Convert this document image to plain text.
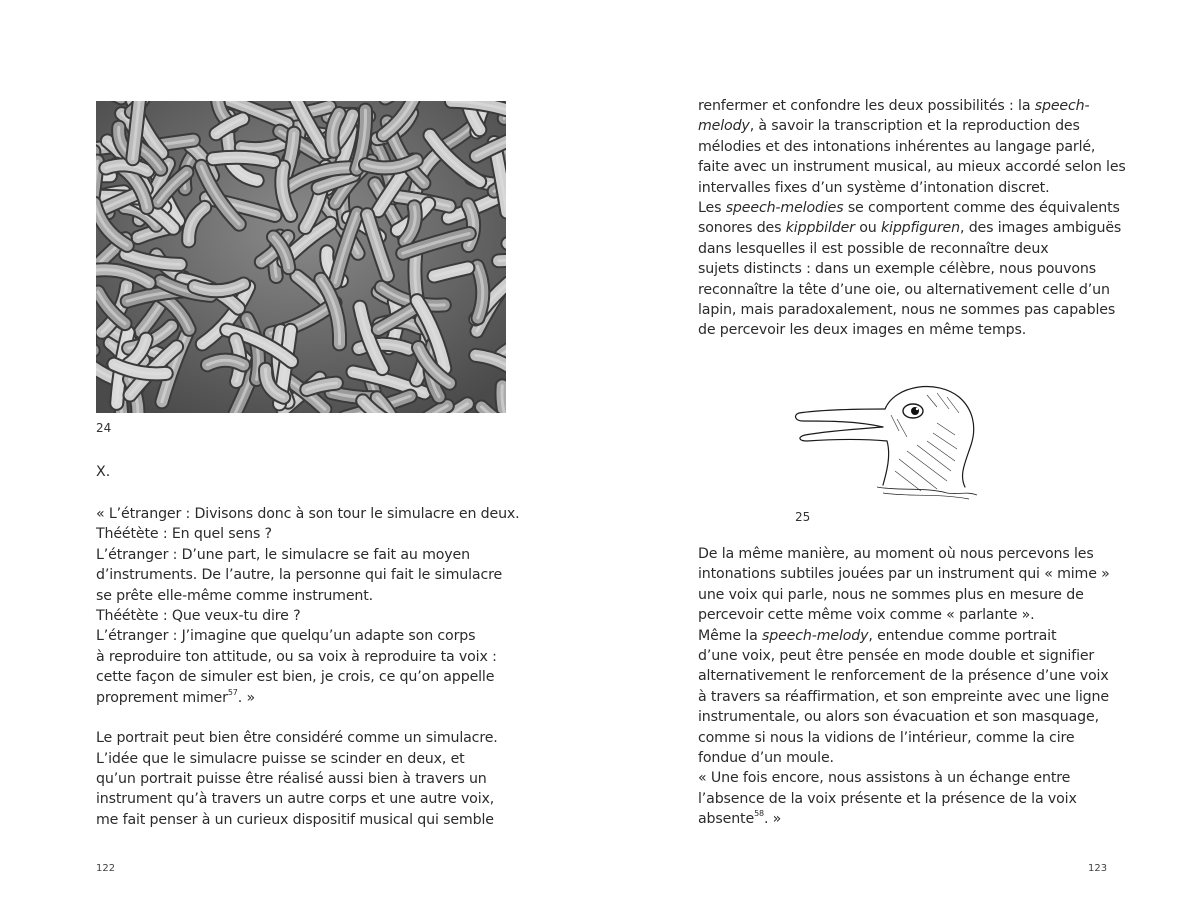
24
X.
« L’étranger : Divisons donc à son tour le simulacre en deux.
Théétète : En quel sens ?
L’étranger : D’une part, le simulacre se fait au moyen
d’instruments. De l’autre, la personne qui fait le simulacre
se prête elle-même comme instrument.
Théétète : Que veux-tu dire ?
L’étranger : J’imagine que quelqu’un adapte son corps
à reproduire ton attitude, ou sa voix à reproduire ta voix :
cette façon de simuler est bien, je crois, ce qu’on appelle
proprement mimer$^{57}$. »
Le portrait peut bien être considéré comme un simulacre.
L’idée que le simulacre puisse se scinder en deux, et
qu’un portrait puisse être réalisé aussi bien à travers un
instrument qu’à travers un autre corps et une autre voix,
me fait penser à un curieux dispositif musical qui semble
122
renfermer et confondre les deux possibilités : la speech-
melody, à savoir la transcription et la reproduction des
mélodies et des intonations inhérentes au langage parlé,
faite avec un instrument musical, au mieux accordé selon les
intervalles fixes d’un système d’intonation discret.
Les speech-melodies se comportent comme des équivalents
sonores des kippbilder ou kippfiguren, des images ambiguës
dans lesquelles il est possible de reconnaître deux
sujets distincts : dans un exemple célèbre, nous pouvons
reconnaître la tête d’une oie, ou alternativement celle d’un
lapin, mais paradoxalement, nous ne sommes pas capables
de percevoir les deux images en même temps.
25
De la même manière, au moment où nous percevons les
intonations subtiles jouées par un instrument qui « mime »
une voix qui parle, nous ne sommes plus en mesure de
percevoir cette même voix comme « parlante ».
Même la speech-melody, entendue comme portrait
d’une voix, peut être pensée en mode double et signifier
alternativement le renforcement de la présence d’une voix
à travers sa réaffirmation, et son empreinte avec une ligne
instrumentale, ou alors son évacuation et son masquage,
comme si nous la vidions de l’intérieur, comme la cire
fondue d’un moule.
« Une fois encore, nous assistons à un échange entre
l’absence de la voix présente et la présence de la voix
absente$^{58}$. »
123
